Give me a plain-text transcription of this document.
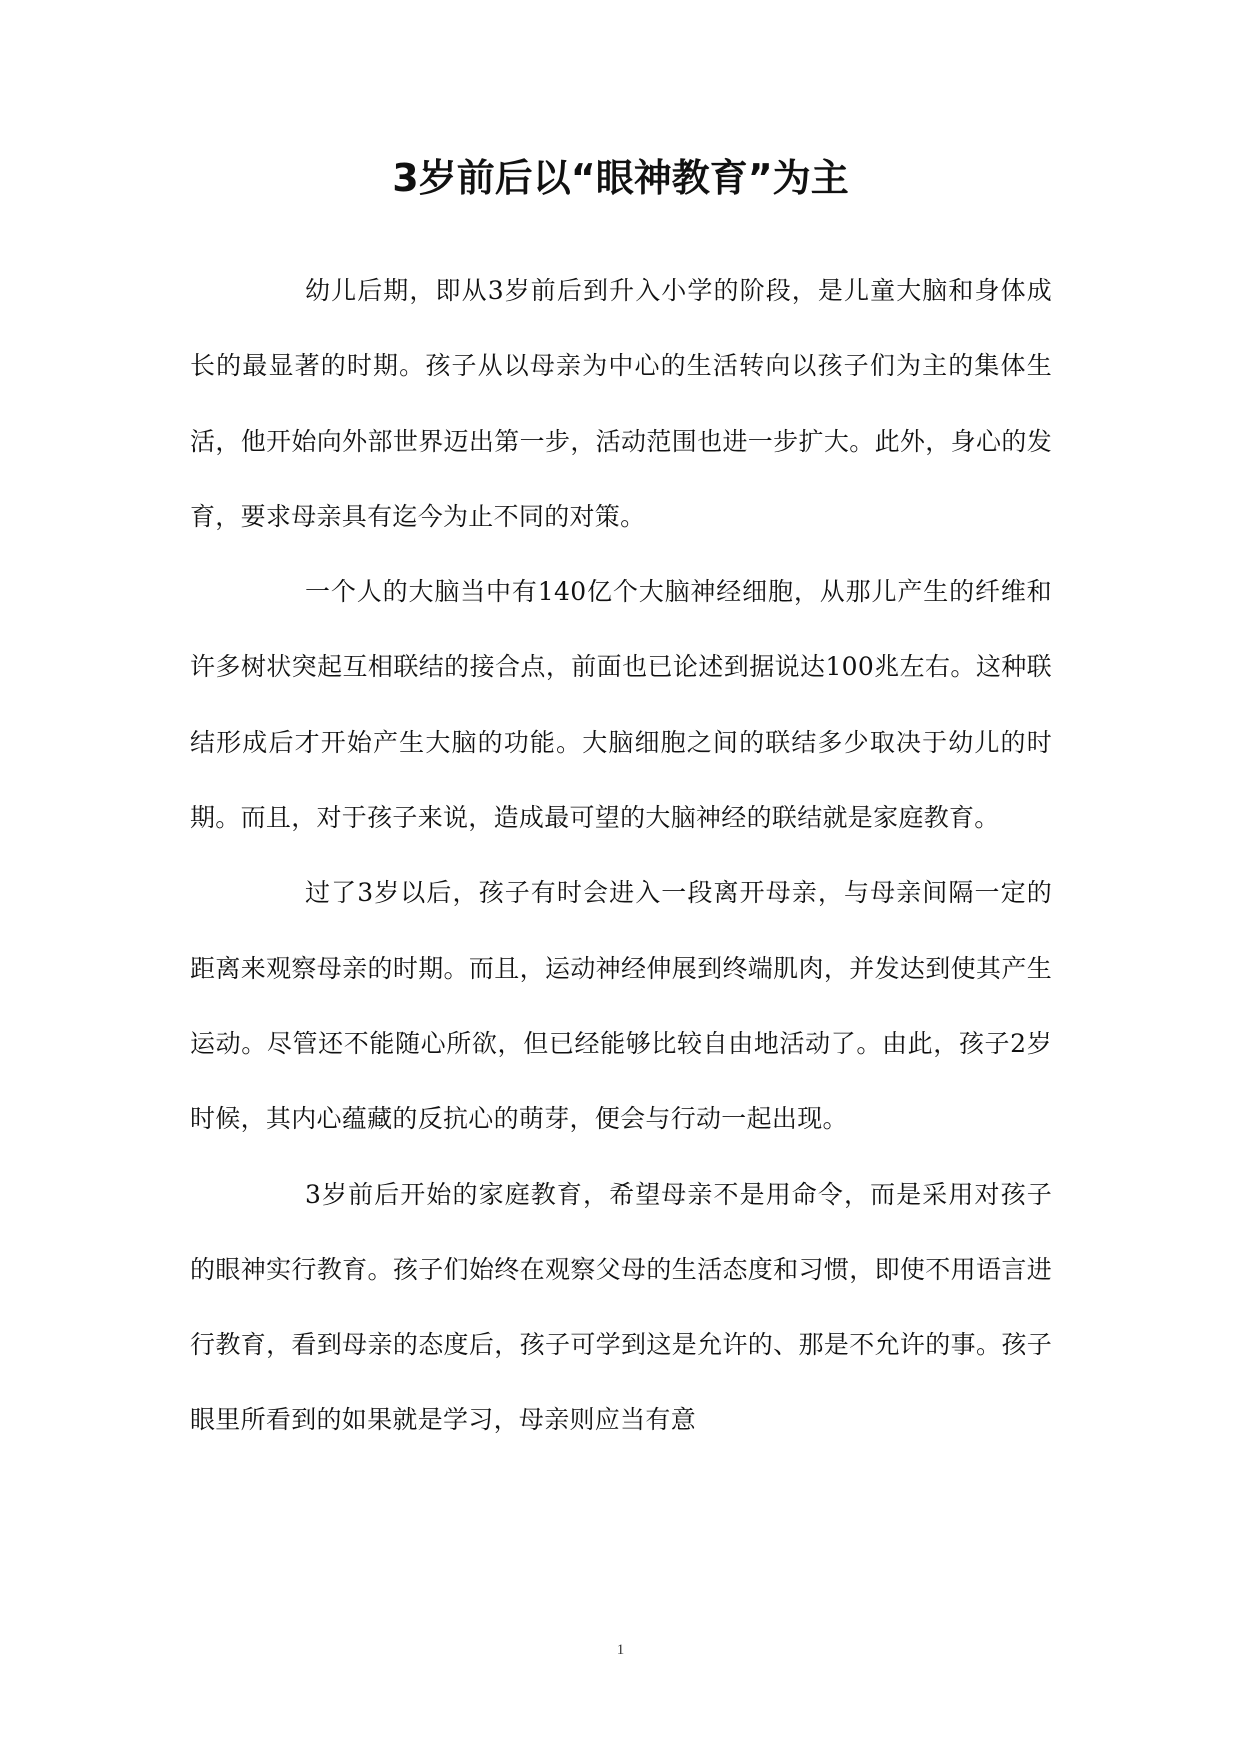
3岁前后以“眼神教育”为主

幼儿后期，即从3岁前后到升入小学的阶段，是儿童大脑和身体成长的最显著的时期。孩子从以母亲为中心的生活转向以孩子们为主的集体生活，他开始向外部世界迈出第一步，活动范围也进一步扩大。此外，身心的发育，要求母亲具有迄今为止不同的对策。

一个人的大脑当中有140亿个大脑神经细胞，从那儿产生的纤维和许多树状突起互相联结的接合点，前面也已论述到据说达100兆左右。这种联结形成后才开始产生大脑的功能。大脑细胞之间的联结多少取决于幼儿的时期。而且，对于孩子来说，造成最可望的大脑神经的联结就是家庭教育。

过了3岁以后，孩子有时会进入一段离开母亲，与母亲间隔一定的距离来观察母亲的时期。而且，运动神经伸展到终端肌肉，并发达到使其产生运动。尽管还不能随心所欲，但已经能够比较自由地活动了。由此，孩子2岁时候，其内心蕴藏的反抗心的萌芽，便会与行动一起出现。

3岁前后开始的家庭教育，希望母亲不是用命令，而是采用对孩子的眼神实行教育。孩子们始终在观察父母的生活态度和习惯，即使不用语言进行教育，看到母亲的态度后，孩子可学到这是允许的、那是不允许的事。孩子眼里所看到的如果就是学习，母亲则应当有意

1
